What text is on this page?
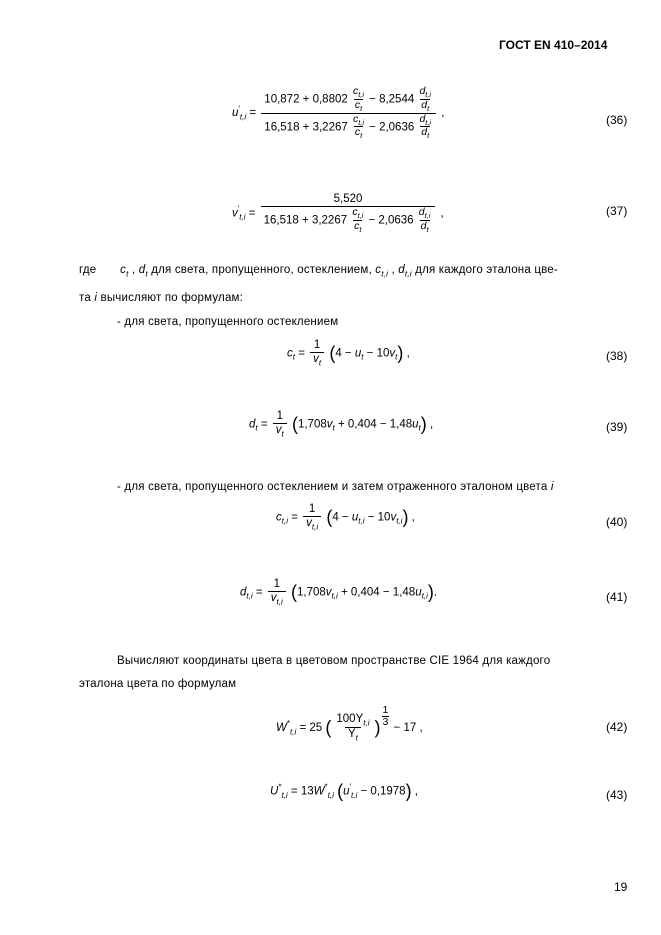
ГОСТ EN 410–2014
$u'_{t,i}$ =
$10,872 + 0,8802 \frac{c_{t,i}}{c_t} - 8,2544 \frac{d_{t,i}}{d_t}$
$16,518 + 3,2267 \frac{c_{t,i}}{c_t} - 2,0636 \frac{d_{t,i}}{d_t}$
,	(36)
$v'_{t,i}$ =
5,520
$16,518 + 3,2267 \frac{c_{t,i}}{c_t} - 2,0636 \frac{d_{t,i}}{d_t}$ ,	(37)
где $c_t$ , $d_t$ для света, пропущенного, остеклением, $c_{t,i}$ , $d_{t,i}$ для каждого эталона цве-
та i вычисляют по формулам:
- для света, пропущенного остеклением
$c_t = \frac{1}{v_t} (4 - u_t - 10v_t)$ ,	(38)
$d_t = \frac{1}{v_t} (1,708v_t + 0,404 - 1,48u_t)$ ,	(39)
- для света, пропущенного остеклением и затем отраженного эталоном цвета i
$c_{t,i} = \frac{1}{v_{t,i}} (4 - u_{t,i} - 10v_{t,i})$ ,	(40)
$d_{t,i} = \frac{1}{v_{t,i}} (1,708v_{t,i} + 0,404 - 1,48u_{t,i})$.	(41)
Вычисляют координаты цвета в цветовом пространстве CIE 1964 для каждого
эталона цвета по формулам
$W^*_{t,i} = 25$ ( $\frac{100Y_{t,i}}{Y_t}$ ) $^{\frac{1}{3}}$ − 17 ,	(42)
$U^*_{t,i} = 13W^*_{t,i}$ $(u'_{t,i} - 0,1978)$ ,	(43)
19
